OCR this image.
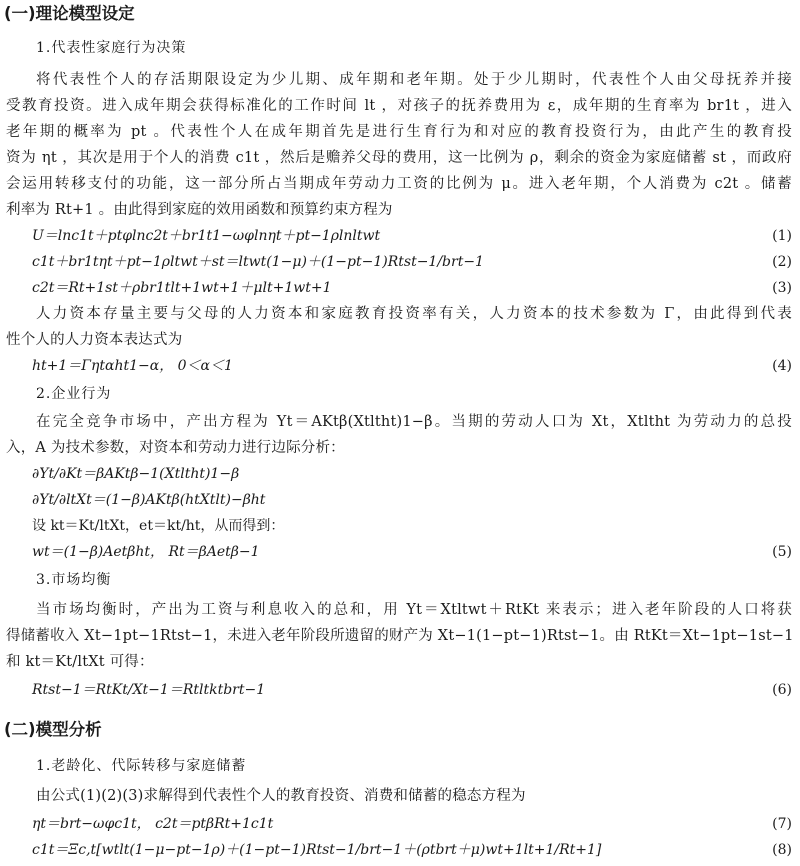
(一)理论模型设定
1.代表性家庭行为决策
将代表性个人的存活期限设定为少儿期、成年期和老年期。处于少儿期时，代表性个人由父母抚养并接
受教育投资。进入成年期会获得标准化的工作时间 lt ，对孩子的抚养费用为 ε，成年期的生育率为 br1t ，进入
老年期的概率为 pt 。代表性个人在成年期首先是进行生育行为和对应的教育投资行为，由此产生的教育投
资为 ηt ，其次是用于个人的消费 c1t ，然后是赡养父母的费用，这一比例为 ρ，剩余的资金为家庭储蓄 st ，而政府
会运用转移支付的功能，这一部分所占当期成年劳动力工资的比例为 μ。进入老年期，个人消费为 c2t 。储蓄
利率为 Rt+1 。由此得到家庭的效用函数和预算约束方程为
U＝lnc1t＋ptφlnc2t＋br1t1−ωφlnηt＋pt−1ρlnltwt	(1)
c1t＋br1tηt＋pt−1ρltwt＋st＝ltwt(1−μ)＋(1−pt−1)Rtst−1/brt−1	(2)
c2t＝Rt+1st＋ρbr1tlt+1wt+1＋μlt+1wt+1	(3)
人力资本存量主要与父母的人力资本和家庭教育投资率有关，人力资本的技术参数为 Γ，由此得到代表
性个人的人力资本表达式为
ht+1＝Γηtαht1−α， 0＜α＜1	(4)
2.企业行为
在完全竞争市场中，产出方程为 Yt＝AKtβ(Xtltht)1−β。当期的劳动人口为 Xt，Xtltht 为劳动力的总投
入，A 为技术参数，对资本和劳动力进行边际分析：
∂Yt/∂Kt＝βAKtβ−1(Xtltht)1−β
∂Yt/∂ltXt＝(1−β)AKtβ(htXtlt)−βht
设 kt＝Kt/ltXt，et＝kt/ht，从而得到：
wt＝(1−β)Aetβht， Rt＝βAetβ−1	(5)
3.市场均衡
当市场均衡时，产出为工资与利息收入的总和，用 Yt＝Xtltwt＋RtKt 来表示；进入老年阶段的人口将获
得储蓄收入 Xt−1pt−1Rtst−1，未进入老年阶段所遗留的财产为 Xt−1(1−pt−1)Rtst−1。由 RtKt＝Xt−1pt−1st−1
和 kt＝Kt/ltXt 可得：
Rtst−1＝RtKt/Xt−1＝Rtltktbrt−1	(6)
(二)模型分析
1.老龄化、代际转移与家庭储蓄
由公式(1)(2)(3)求解得到代表性个人的教育投资、消费和储蓄的稳态方程为
ηt＝brt−ωφc1t， c2t＝ptβRt+1c1t	(7)
c1t＝Ξc,t[wtlt(1−μ−pt−1ρ)＋(1−pt−1)Rtst−1/brt−1＋(ρtbrt＋μ)wt+1lt+1/Rt+1]	(8)
